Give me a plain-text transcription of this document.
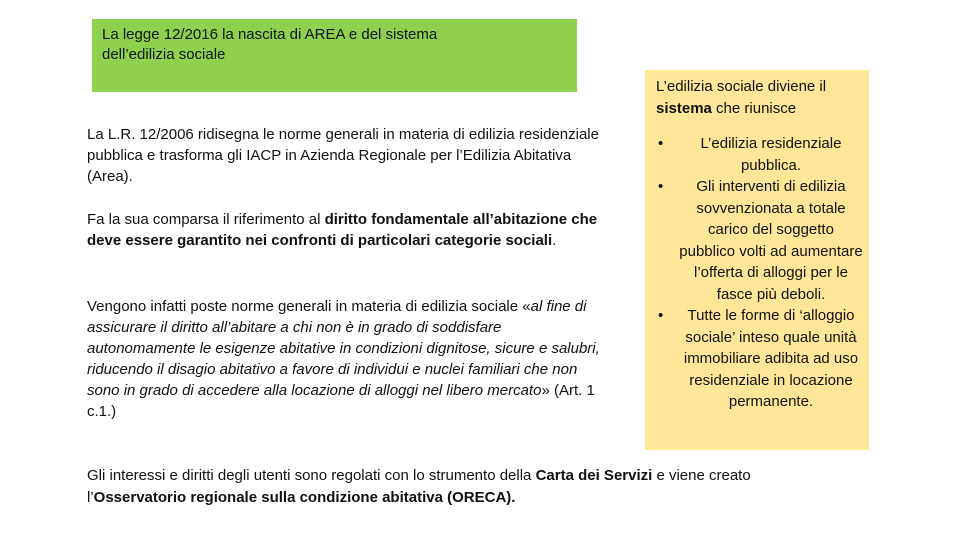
La legge 12/2016 la nascita di AREA e del sistema
dell’edilizia sociale
La L.R. 12/2006 ridisegna le norme generali in materia di edilizia residenziale pubblica e trasforma gli IACP in Azienda Regionale per l’Edilizia Abitativa (Area).
Fa la sua comparsa il riferimento al diritto fondamentale all’abitazione che deve essere garantito nei confronti di particolari categorie sociali.
Vengono infatti poste norme generali in materia di edilizia sociale «al fine di assicurare il diritto all’abitare a chi non è in grado di soddisfare autonomamente le esigenze abitative in condizioni dignitose, sicure e salubri, riducendo il disagio abitativo a favore di individui e nuclei familiari che non sono in grado di accedere alla locazione di alloggi nel libero mercato» (Art. 1 c.1.)
L’edilizia sociale diviene il sistema che riunisce
• L’edilizia residenziale pubblica.
• Gli interventi di edilizia sovvenzionata a totale carico del soggetto pubblico volti ad aumentare l’offerta di alloggi per le fasce più deboli.
• Tutte le forme di ‘alloggio sociale’ inteso quale unità immobiliare adibita ad uso residenziale in locazione permanente.
Gli interessi e diritti degli utenti sono regolati con lo strumento della Carta dei Servizi e viene creato l’Osservatorio regionale sulla condizione abitativa (ORECA).
